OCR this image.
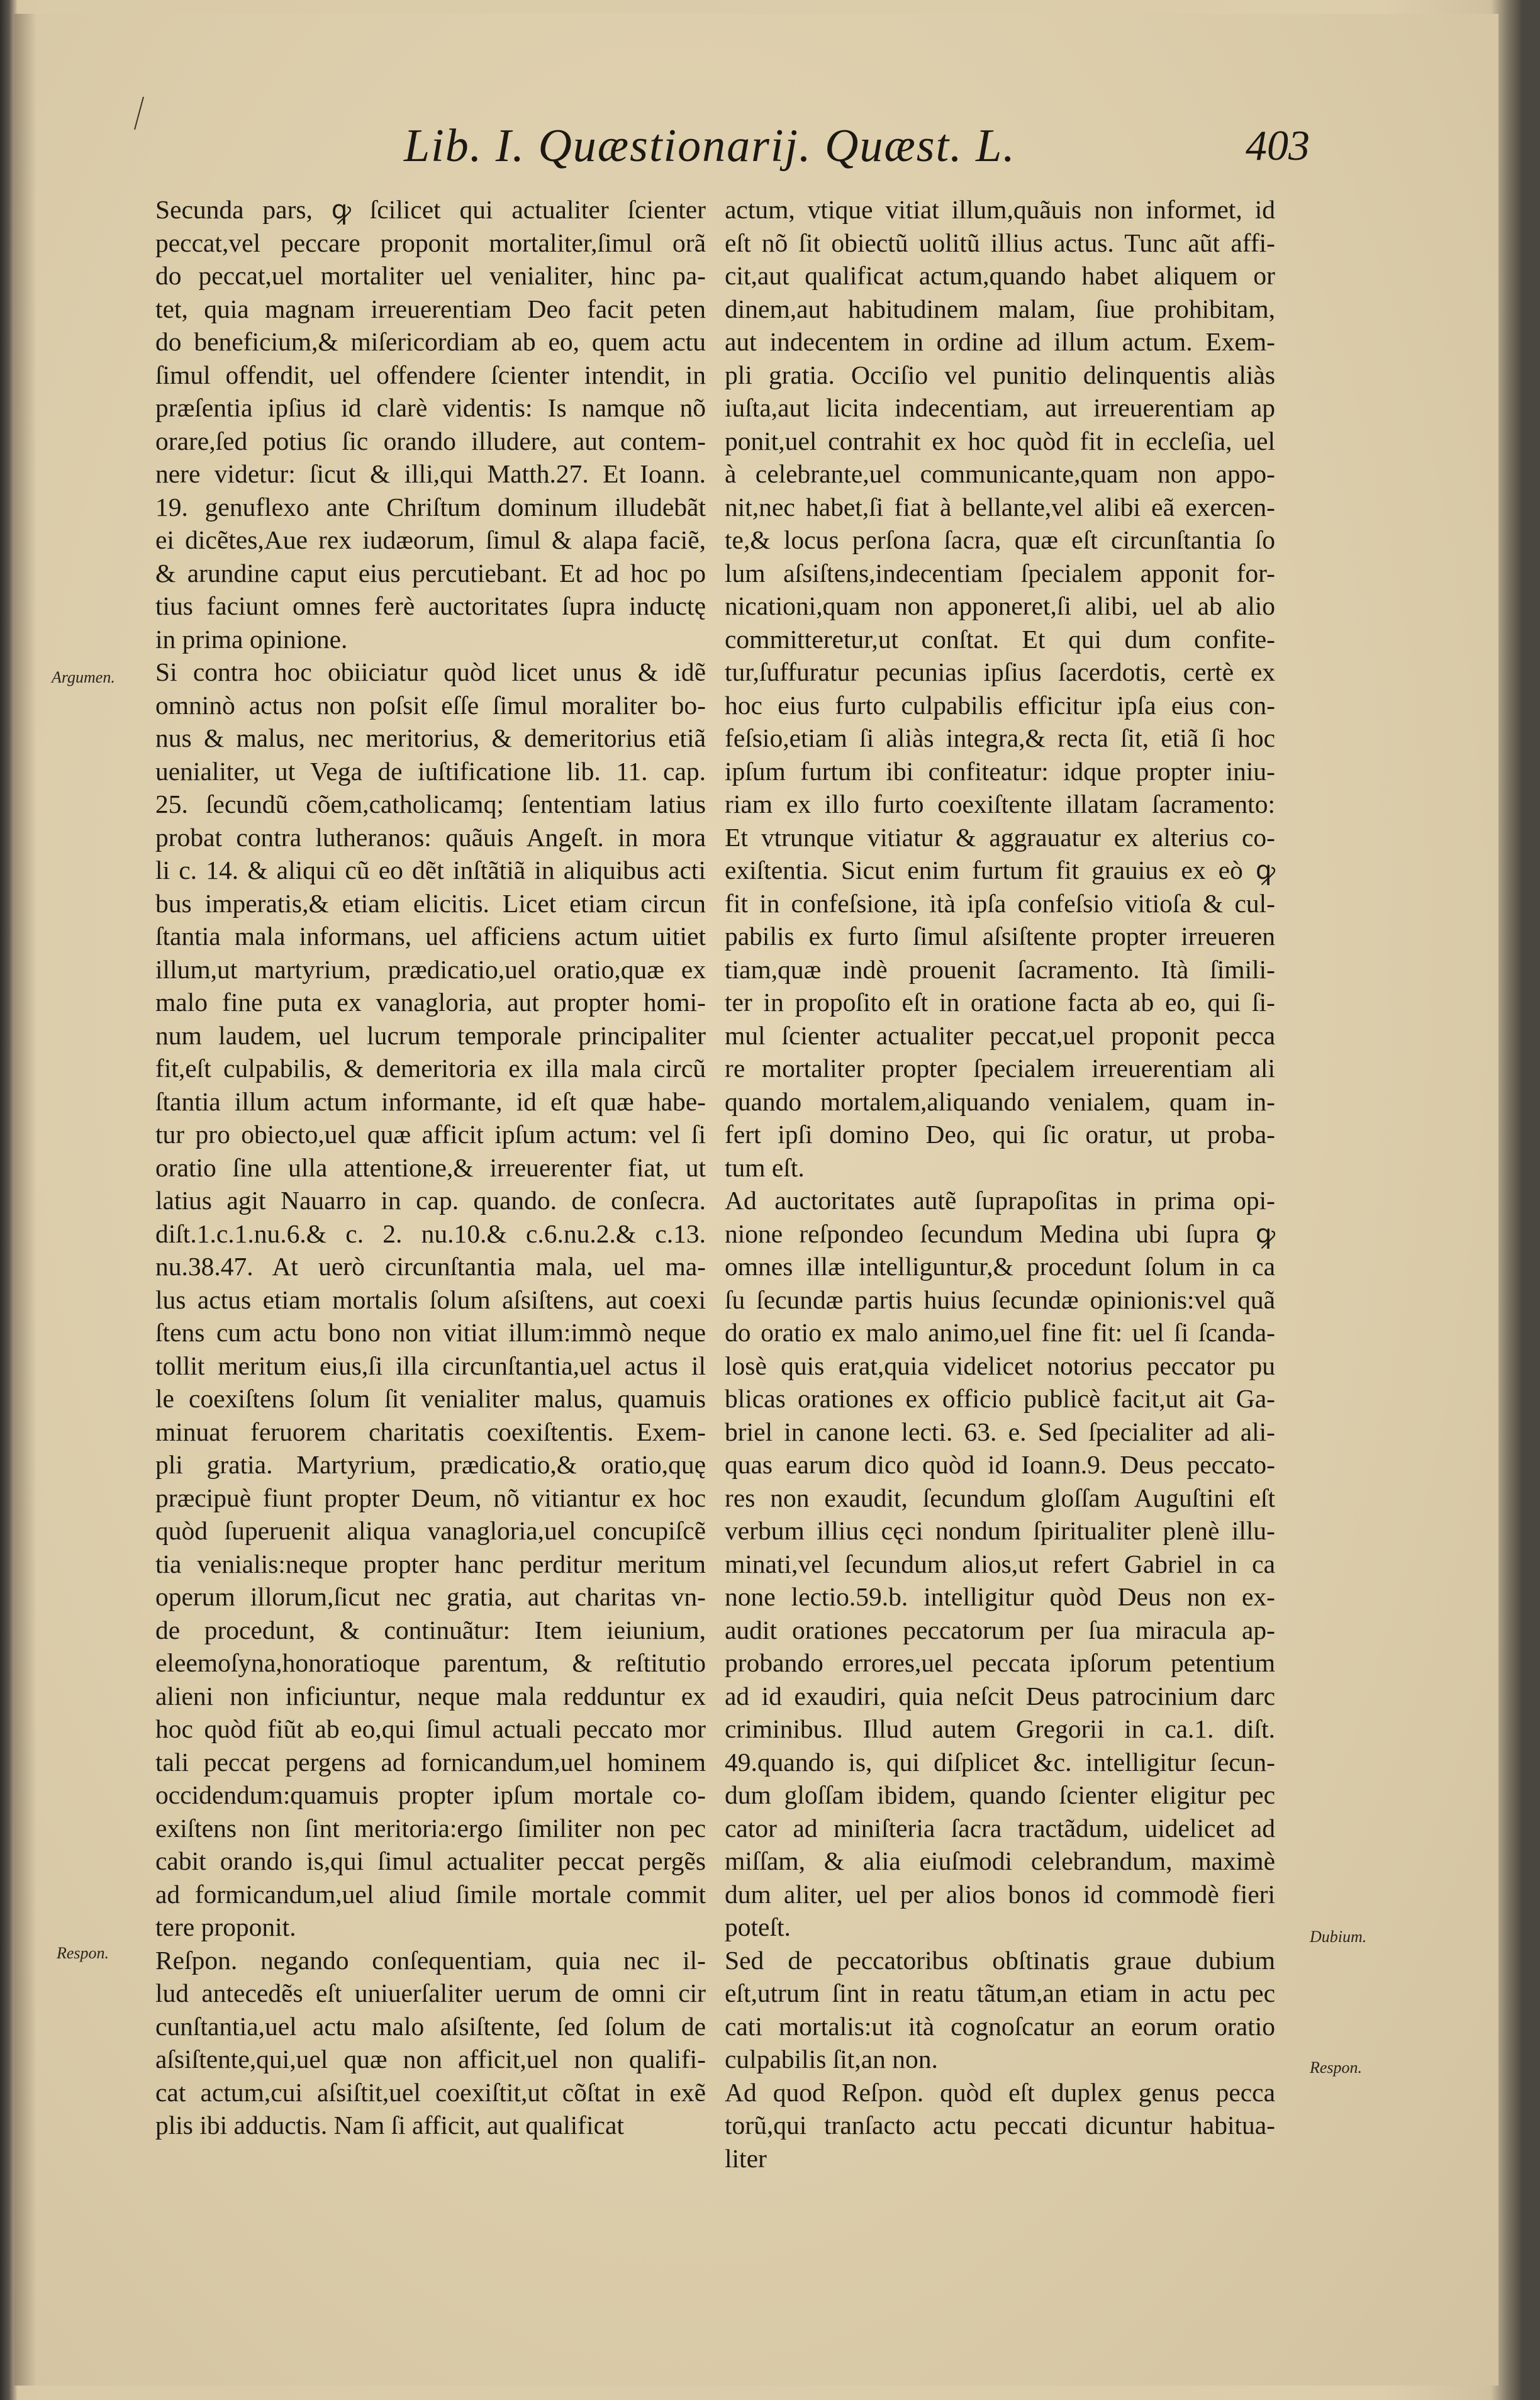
Lib. I. Quæstionarij. Quæst. L.	403
Secunda pars, ꝙ ſcilicet qui actualiter ſcienter
peccat,vel peccare proponit mortaliter,ſimul orã
do peccat,uel mortaliter uel venialiter, hinc pa-
tet, quia magnam irreuerentiam Deo facit peten
do beneficium,& miſericordiam ab eo, quem actu
ſimul offendit, uel offendere ſcienter intendit, in
præſentia ipſius id clarè videntis: Is namque nõ
orare,ſed potius ſic orando illudere, aut contem-
nere videtur: ſicut & illi,qui Matth.27. Et Ioann.
19. genuflexo ante Chriſtum dominum illudebãt
ei dicẽtes,Aue rex iudæorum, ſimul & alapa faciẽ,
& arundine caput eius percutiebant. Et ad hoc po
tius faciunt omnes ferè auctoritates ſupra inductę
in prima opinione.
Si contra hoc obiiciatur quòd licet unus & idẽ
omninò actus non poſsit eſſe ſimul moraliter bo-
nus & malus, nec meritorius, & demeritorius etiã
uenialiter, ut Vega de iuſtificatione lib. 11. cap.
25. ſecundũ cõem,catholicamq; ſententiam latius
probat contra lutheranos: quãuis Angeſt. in mora
li c. 14. & aliqui cũ eo dẽt inſtãtiã in aliquibus acti
bus imperatis,& etiam elicitis. Licet etiam circun
ſtantia mala informans, uel afficiens actum uitiet
illum,ut martyrium, prædicatio,uel oratio,quæ ex
malo fine puta ex vanagloria, aut propter homi-
num laudem, uel lucrum temporale principaliter
fit,eſt culpabilis, & demeritoria ex illa mala circũ
ſtantia illum actum informante, id eſt quæ habe-
tur pro obiecto,uel quæ afficit ipſum actum: vel ſi
oratio ſine ulla attentione,& irreuerenter fiat, ut
latius agit Nauarro in cap. quando. de conſecra.
diſt.1.c.1.nu.6.& c. 2. nu.10.& c.6.nu.2.& c.13.
nu.38.47. At uerò circunſtantia mala, uel ma-
lus actus etiam mortalis ſolum aſsiſtens, aut coexi
ſtens cum actu bono non vitiat illum:immò neque
tollit meritum eius,ſi illa circunſtantia,uel actus il
le coexiſtens ſolum ſit venialiter malus, quamuis
minuat feruorem charitatis coexiſtentis. Exem-
pli gratia. Martyrium, prædicatio,& oratio,quę
præcipuè fiunt propter Deum, nõ vitiantur ex hoc
quòd ſuperuenit aliqua vanagloria,uel concupiſcẽ
tia venialis:neque propter hanc perditur meritum
operum illorum,ſicut nec gratia, aut charitas vn-
de procedunt, & continuãtur: Item ieiunium,
eleemoſyna,honoratioque parentum, & reſtitutio
alieni non inficiuntur, neque mala redduntur ex
hoc quòd fiũt ab eo,qui ſimul actuali peccato mor
tali peccat pergens ad fornicandum,uel hominem
occidendum:quamuis propter ipſum mortale co-
exiſtens non ſint meritoria:ergo ſimiliter non pec
cabit orando is,qui ſimul actualiter peccat pergẽs
ad formicandum,uel aliud ſimile mortale commit
tere proponit.
Reſpon. negando conſequentiam, quia nec il-
lud antecedẽs eſt uniuerſaliter uerum de omni cir
cunſtantia,uel actu malo aſsiſtente, ſed ſolum de
aſsiſtente,qui,uel quæ non afficit,uel non qualifi-
cat actum,cui aſsiſtit,uel coexiſtit,ut cõſtat in exẽ
plis ibi adductis. Nam ſi afficit, aut qualificat
actum, vtique vitiat illum,quãuis non informet, id
eſt nõ ſit obiectũ uolitũ illius actus. Tunc aũt affi-
cit,aut qualificat actum,quando habet aliquem or
dinem,aut habitudinem malam, ſiue prohibitam,
aut indecentem in ordine ad illum actum. Exem-
pli gratia. Occiſio vel punitio delinquentis aliàs
iuſta,aut licita indecentiam, aut irreuerentiam ap
ponit,uel contrahit ex hoc quòd fit in eccleſia, uel
à celebrante,uel communicante,quam non appo-
nit,nec habet,ſi fiat à bellante,vel alibi eã exercen-
te,& locus perſona ſacra, quæ eſt circunſtantia ſo
lum aſsiſtens,indecentiam ſpecialem apponit for-
nicationi,quam non apponeret,ſi alibi, uel ab alio
committeretur,ut conſtat. Et qui dum confite-
tur,ſuffuratur pecunias ipſius ſacerdotis, certè ex
hoc eius furto culpabilis efficitur ipſa eius con-
feſsio,etiam ſi aliàs integra,& recta ſit, etiã ſi hoc
ipſum furtum ibi confiteatur: idque propter iniu-
riam ex illo furto coexiſtente illatam ſacramento:
Et vtrunque vitiatur & aggrauatur ex alterius co-
exiſtentia. Sicut enim furtum fit grauius ex eò ꝙ
fit in confeſsione, ità ipſa confeſsio vitioſa & cul-
pabilis ex furto ſimul aſsiſtente propter irreueren
tiam,quæ indè prouenit ſacramento. Ità ſimili-
ter in propoſito eſt in oratione facta ab eo, qui ſi-
mul ſcienter actualiter peccat,uel proponit pecca
re mortaliter propter ſpecialem irreuerentiam ali
quando mortalem,aliquando venialem, quam in-
fert ipſi domino Deo, qui ſic oratur, ut proba-
tum eſt.
Ad auctoritates autẽ ſuprapoſitas in prima opi-
nione reſpondeo ſecundum Medina ubi ſupra ꝙ
omnes illæ intelliguntur,& procedunt ſolum in ca
ſu ſecundæ partis huius ſecundæ opinionis:vel quã
do oratio ex malo animo,uel fine fit: uel ſi ſcanda-
losè quis erat,quia videlicet notorius peccator pu
blicas orationes ex officio publicè facit,ut ait Ga-
briel in canone lecti. 63. e. Sed ſpecialiter ad ali-
quas earum dico quòd id Ioann.9. Deus peccato-
res non exaudit, ſecundum gloſſam Auguſtini eſt
verbum illius cęci nondum ſpiritualiter plenè illu-
minati,vel ſecundum alios,ut refert Gabriel in ca
none lectio.59.b. intelligitur quòd Deus non ex-
audit orationes peccatorum per ſua miracula ap-
probando errores,uel peccata ipſorum petentium
ad id exaudiri, quia neſcit Deus patrocinium darc
criminibus. Illud autem Gregorii in ca.1. diſt.
49.quando is, qui diſplicet &c. intelligitur ſecun-
dum gloſſam ibidem, quando ſcienter eligitur pec
cator ad miniſteria ſacra tractãdum, uidelicet ad
miſſam, & alia eiuſmodi celebrandum, maximè
dum aliter, uel per alios bonos id commodè fieri
poteſt.
Sed de peccatoribus obſtinatis graue dubium
eſt,utrum ſint in reatu tãtum,an etiam in actu pec
cati mortalis:ut ità cognoſcatur an eorum oratio
culpabilis ſit,an non.
Ad quod Reſpon. quòd eſt duplex genus pecca
torũ,qui tranſacto actu peccati dicuntur habitua-
liter
Argumen.
Respon.
Dubium.
Respon.
